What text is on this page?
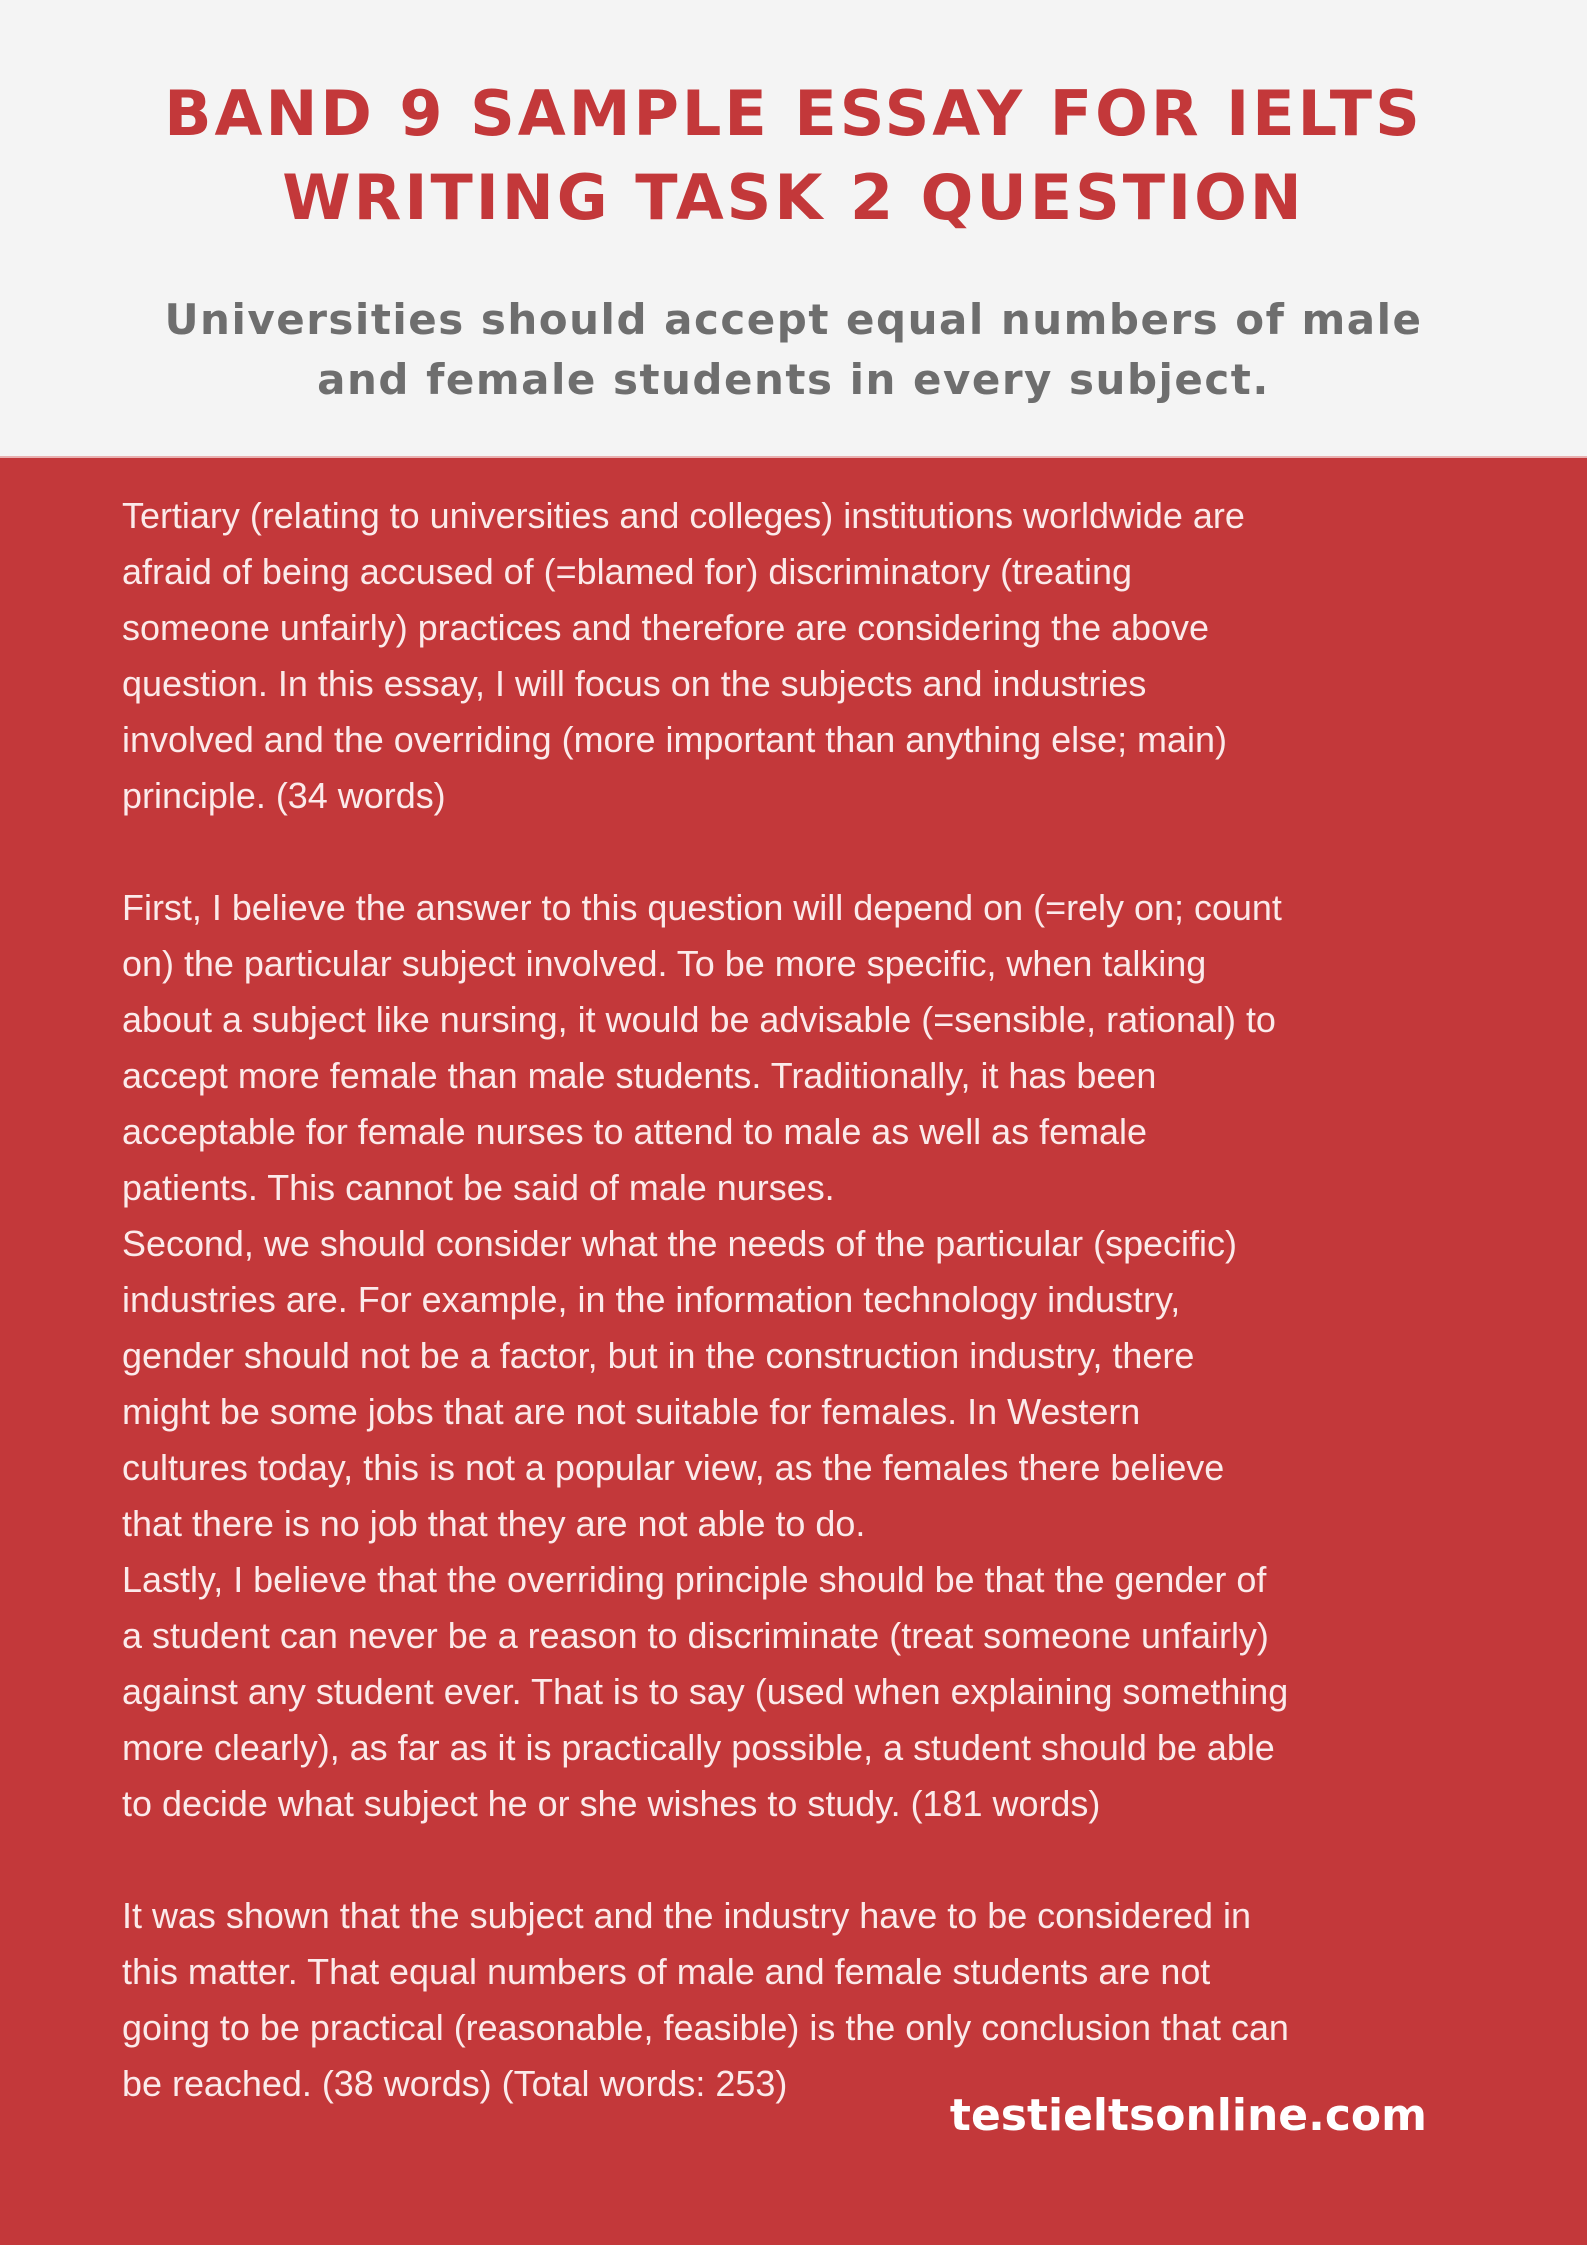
BAND 9 SAMPLE ESSAY FOR IELTS
WRITING TASK 2 QUESTION
Universities should accept equal numbers of male
and female students in every subject.
Tertiary (relating to universities and colleges) institutions worldwide are
afraid of being accused of (=blamed for) discriminatory (treating
someone unfairly) practices and therefore are considering the above
question. In this essay, I will focus on the subjects and industries
involved and the overriding (more important than anything else; main)
principle. (34 words)
First, I believe the answer to this question will depend on (=rely on; count
on) the particular subject involved. To be more specific, when talking
about a subject like nursing, it would be advisable (=sensible, rational) to
accept more female than male students. Traditionally, it has been
acceptable for female nurses to attend to male as well as female
patients. This cannot be said of male nurses.
Second, we should consider what the needs of the particular (specific)
industries are. For example, in the information technology industry,
gender should not be a factor, but in the construction industry, there
might be some jobs that are not suitable for females. In Western
cultures today, this is not a popular view, as the females there believe
that there is no job that they are not able to do.
Lastly, I believe that the overriding principle should be that the gender of
a student can never be a reason to discriminate (treat someone unfairly)
against any student ever. That is to say (used when explaining something
more clearly), as far as it is practically possible, a student should be able
to decide what subject he or she wishes to study. (181 words)
It was shown that the subject and the industry have to be considered in
this matter. That equal numbers of male and female students are not
going to be practical (reasonable, feasible) is the only conclusion that can
be reached. (38 words) (Total words: 253)
testieltsonline.com
